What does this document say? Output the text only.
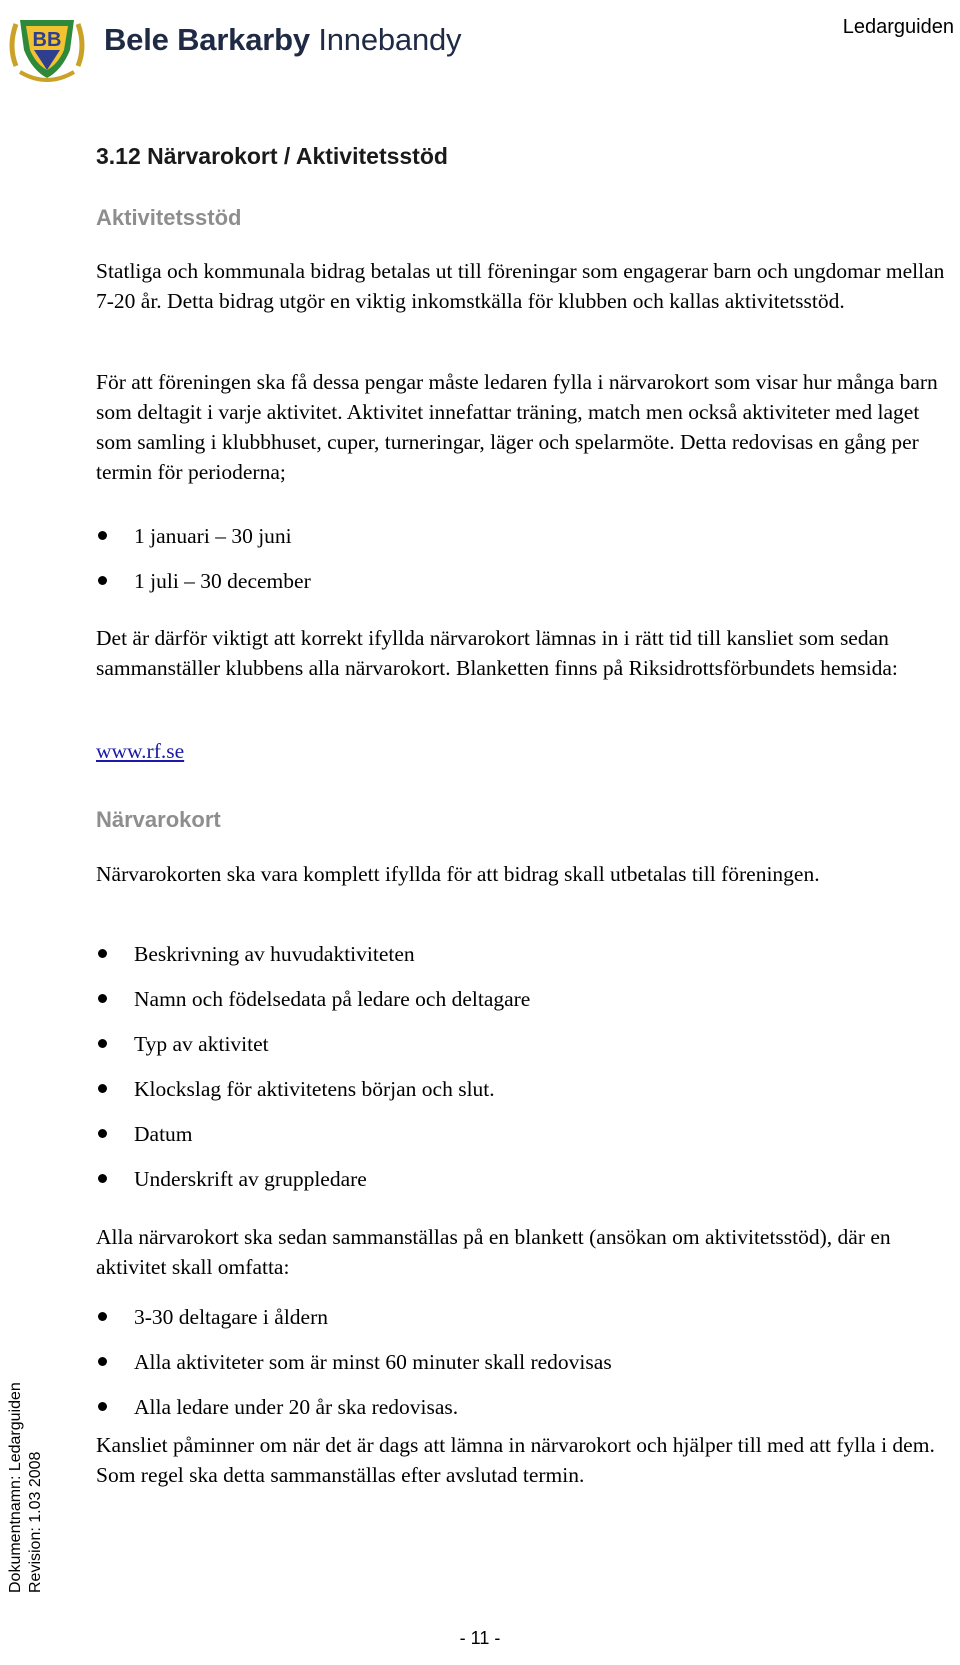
BB Bele Barkarby Innebandy	Ledarguiden
3.12 Närvarokort / Aktivitetsstöd
Aktivitetsstöd

Statliga och kommunala bidrag betalas ut till föreningar som engagerar barn och ungdomar mellan 7-20 år. Detta bidrag utgör en viktig inkomstkälla för klubben och kallas aktivitetsstöd.

För att föreningen ska få dessa pengar måste ledaren fylla i närvarokort som visar hur många barn som deltagit i varje aktivitet. Aktivitet innefattar träning, match men också aktiviteter med laget som samling i klubbhuset, cuper, turneringar, läger och spelarmöte. Detta redovisas en gång per termin för perioderna;

1 januari – 30 juni
1 juli – 30 december

Det är därför viktigt att korrekt ifyllda närvarokort lämnas in i rätt tid till kansliet som sedan sammanställer klubbens alla närvarokort. Blanketten finns på Riksidrottsförbundets hemsida:

www.rf.se
Närvarokort

Närvarokorten ska vara komplett ifyllda för att bidrag skall utbetalas till föreningen.

Beskrivning av huvudaktiviteten
Namn och födelsedata på ledare och deltagare
Typ av aktivitet
Klockslag för aktivitetens början och slut.
Datum
Underskrift av gruppledare

Alla närvarokort ska sedan sammanställas på en blankett (ansökan om aktivitetsstöd), där en aktivitet skall omfatta:

3-30 deltagare i åldern
Alla aktiviteter som är minst 60 minuter skall redovisas
Alla ledare under 20 år ska redovisas.

Kansliet påminner om när det är dags att lämna in närvarokort och hjälper till med att fylla i dem. Som regel ska detta sammanställas efter avslutad termin.

Dokumentnamn: Ledarguiden Revision: 1.03 2008
- 11 -
